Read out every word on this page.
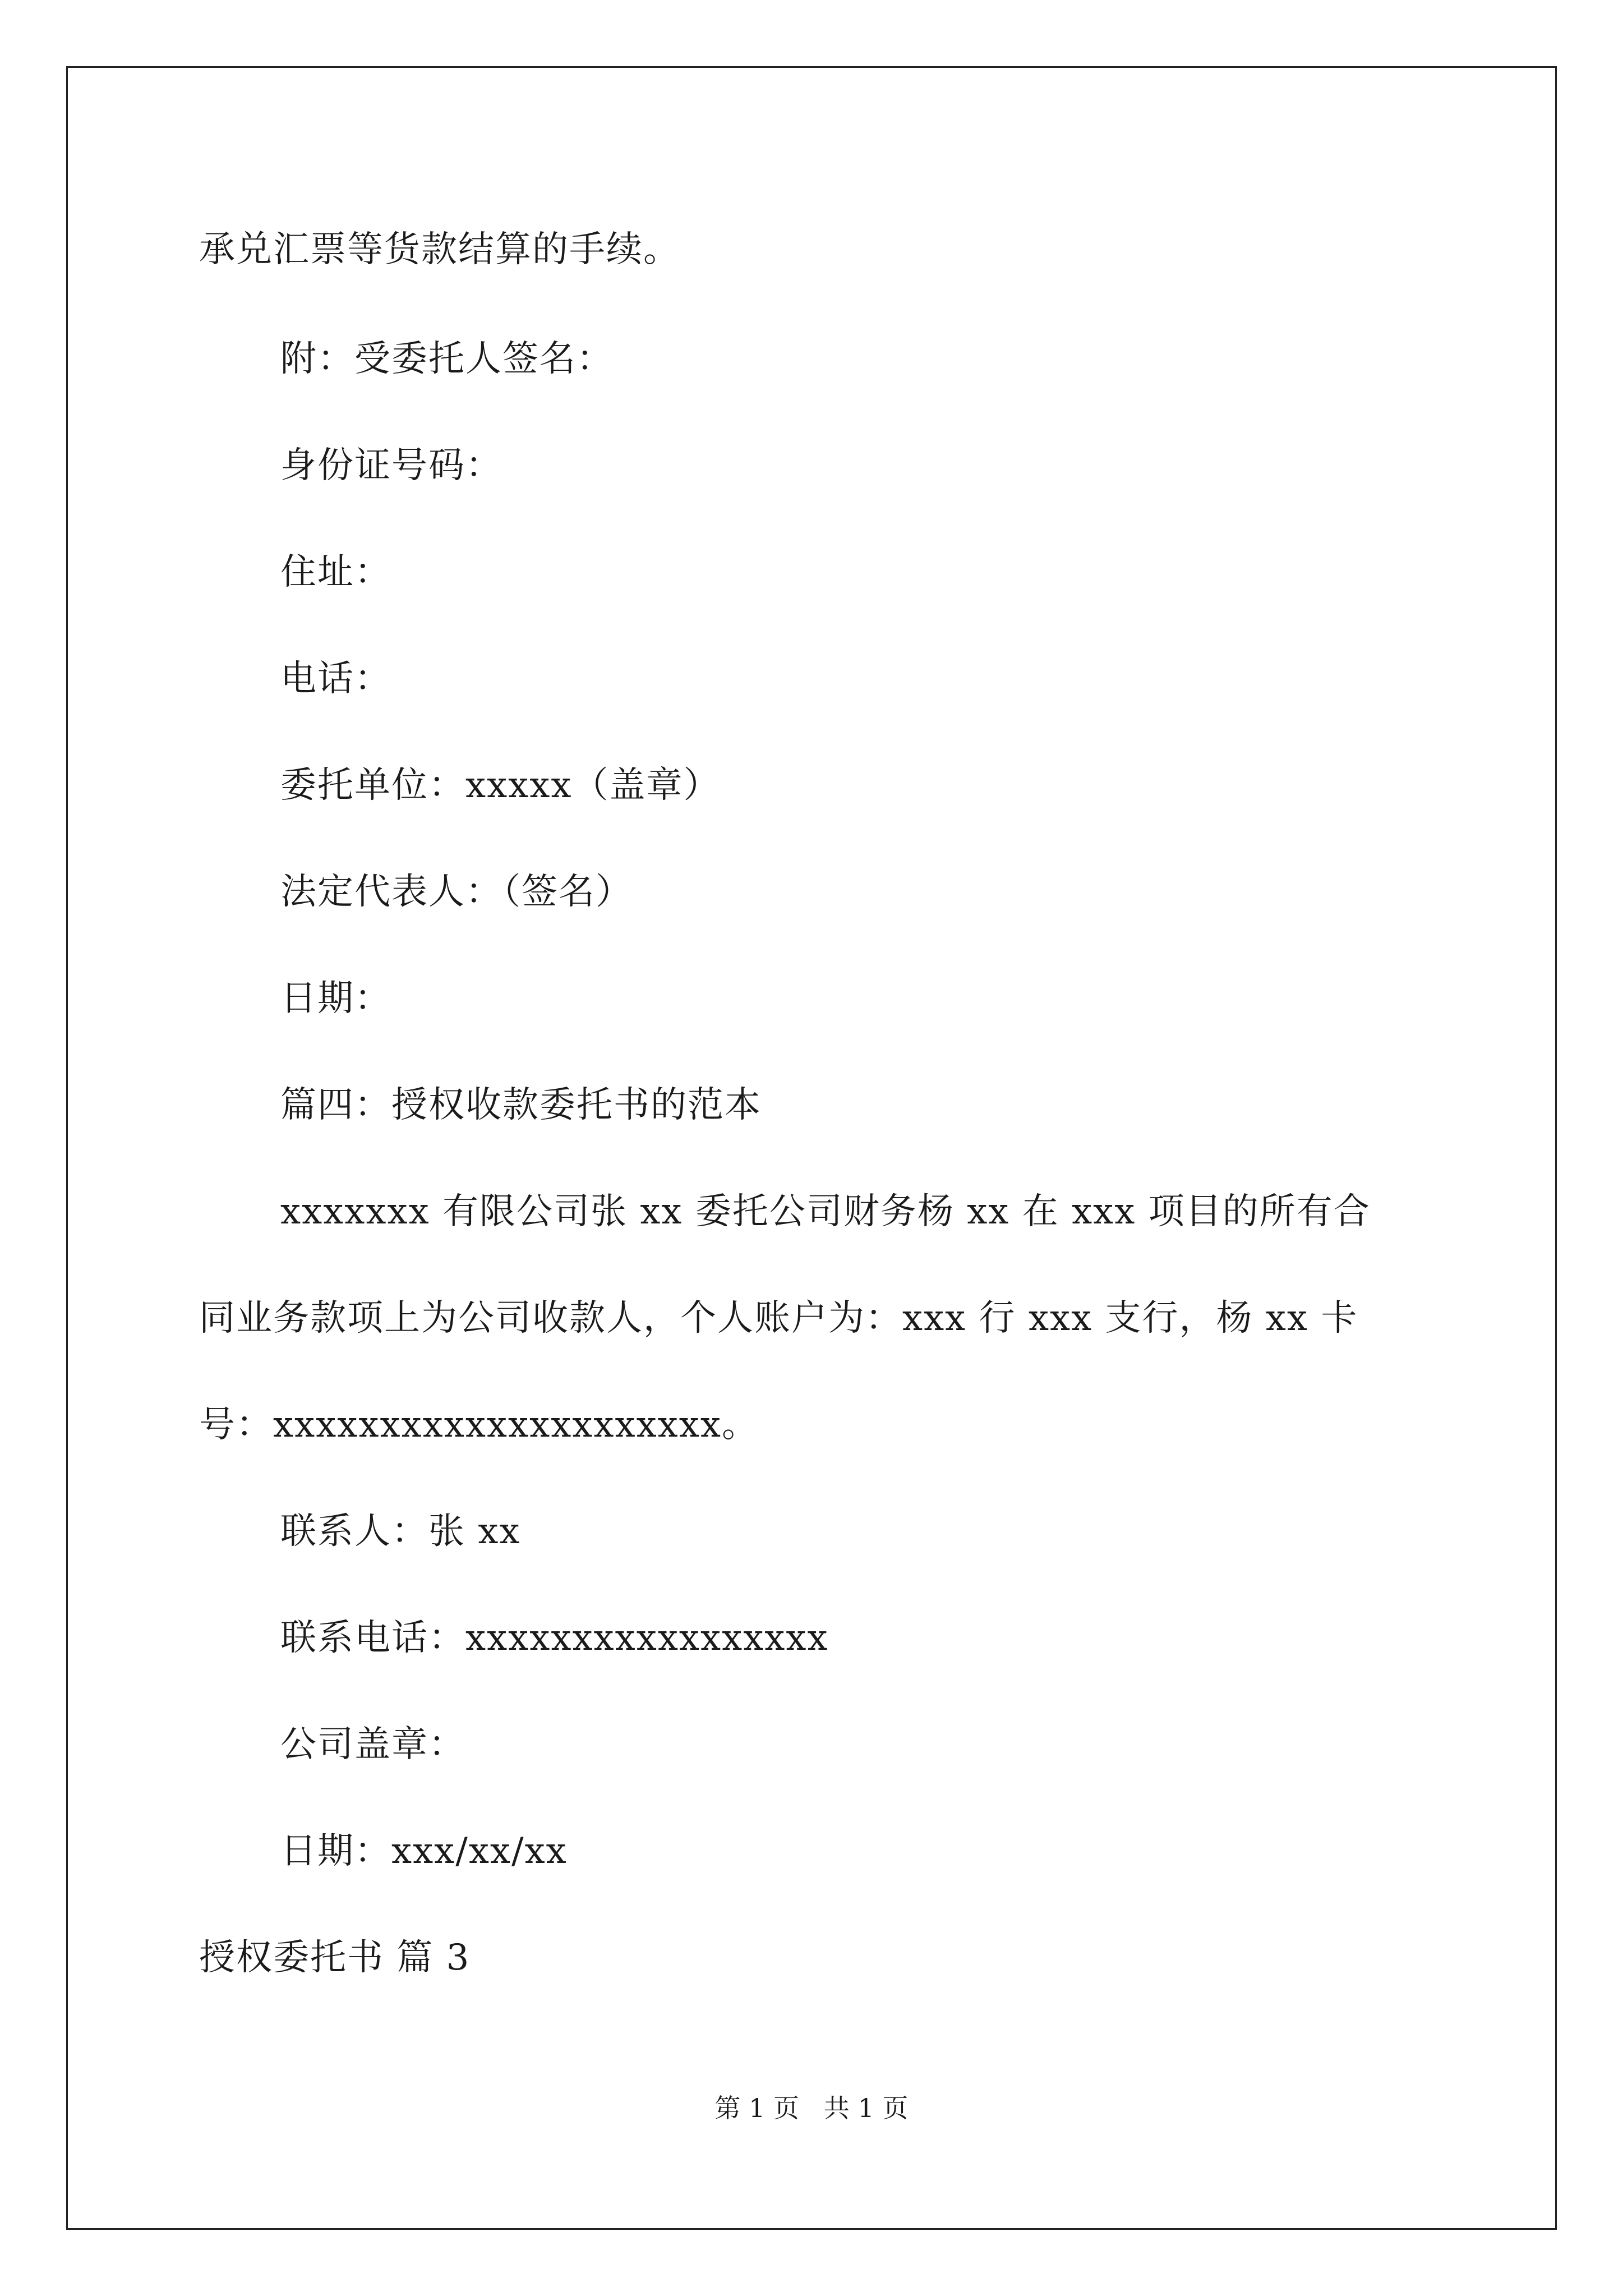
承兑汇票等货款结算的手续。
附：受委托人签名：
身份证号码：
住址：
电话：
委托单位：xxxxx（盖章）
法定代表人：（签名）
日期：
篇四：授权收款委托书的范本
xxxxxxx 有限公司张 xx 委托公司财务杨 xx 在 xxx 项目的所有合
同业务款项上为公司收款人，个人账户为：xxx 行 xxx 支行，杨 xx 卡
号：xxxxxxxxxxxxxxxxxxxxx。
联系人：张 xx
联系电话：xxxxxxxxxxxxxxxxx
公司盖章：
日期：xxx/xx/xx
授权委托书 篇 3
第 1 页   共 1 页
